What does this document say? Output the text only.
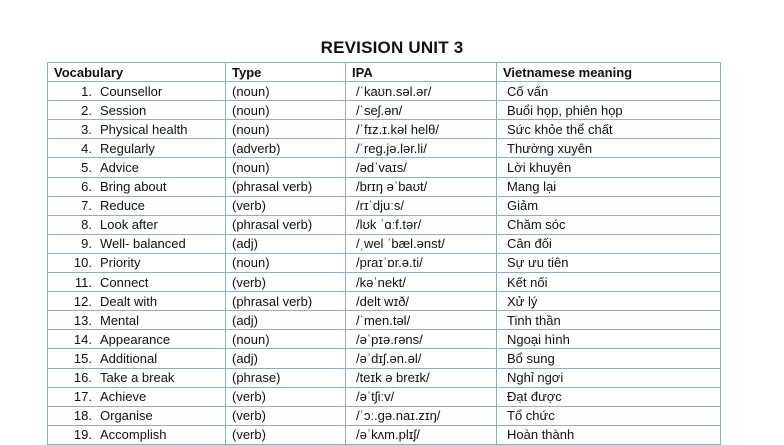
REVISION UNIT 3
Vocabulary	Type	IPA	Vietnamese meaning
1. Counsellor	(noun)	/ˈkaʊn.səl.ər/	Cố vấn
2. Session	(noun)	/ˈseʃ.ən/	Buổi họp, phiên họp
3. Physical health	(noun)	/ˈfɪz.ɪ.kəl helθ/	Sức khỏe thể chất
4. Regularly	(adverb)	/ˈreg.jə.lər.li/	Thường xuyên
5. Advice	(noun)	/ədˈvaɪs/	Lời khuyên
6. Bring about	(phrasal verb)	/brɪŋ əˈbaʊt/	Mang lại
7. Reduce	(verb)	/rɪˈdjuːs/	Giảm
8. Look after	(phrasal verb)	/lʊk ˈɑːf.tər/	Chăm sóc
9. Well- balanced	(adj)	/ˌwel ˈbæl.ənst/	Cân đối
10. Priority	(noun)	/praɪˈɒr.ə.ti/	Sự ưu tiên
11. Connect	(verb)	/kəˈnekt/	Kết nối
12. Dealt with	(phrasal verb)	/delt wɪð/	Xử lý
13. Mental	(adj)	/ˈmen.təl/	Tinh thần
14. Appearance	(noun)	/əˈpɪə.rəns/	Ngoại hình
15. Additional	(adj)	/əˈdɪʃ.ən.əl/	Bổ sung
16. Take a break	(phrase)	/teɪk ə breɪk/	Nghỉ ngơi
17. Achieve	(verb)	/əˈtʃiːv/	Đạt được
18. Organise	(verb)	/ˈɔː.gə.naɪ.zɪŋ/	Tổ chức
19. Accomplish	(verb)	/əˈkʌm.plɪʃ/	Hoàn thành
